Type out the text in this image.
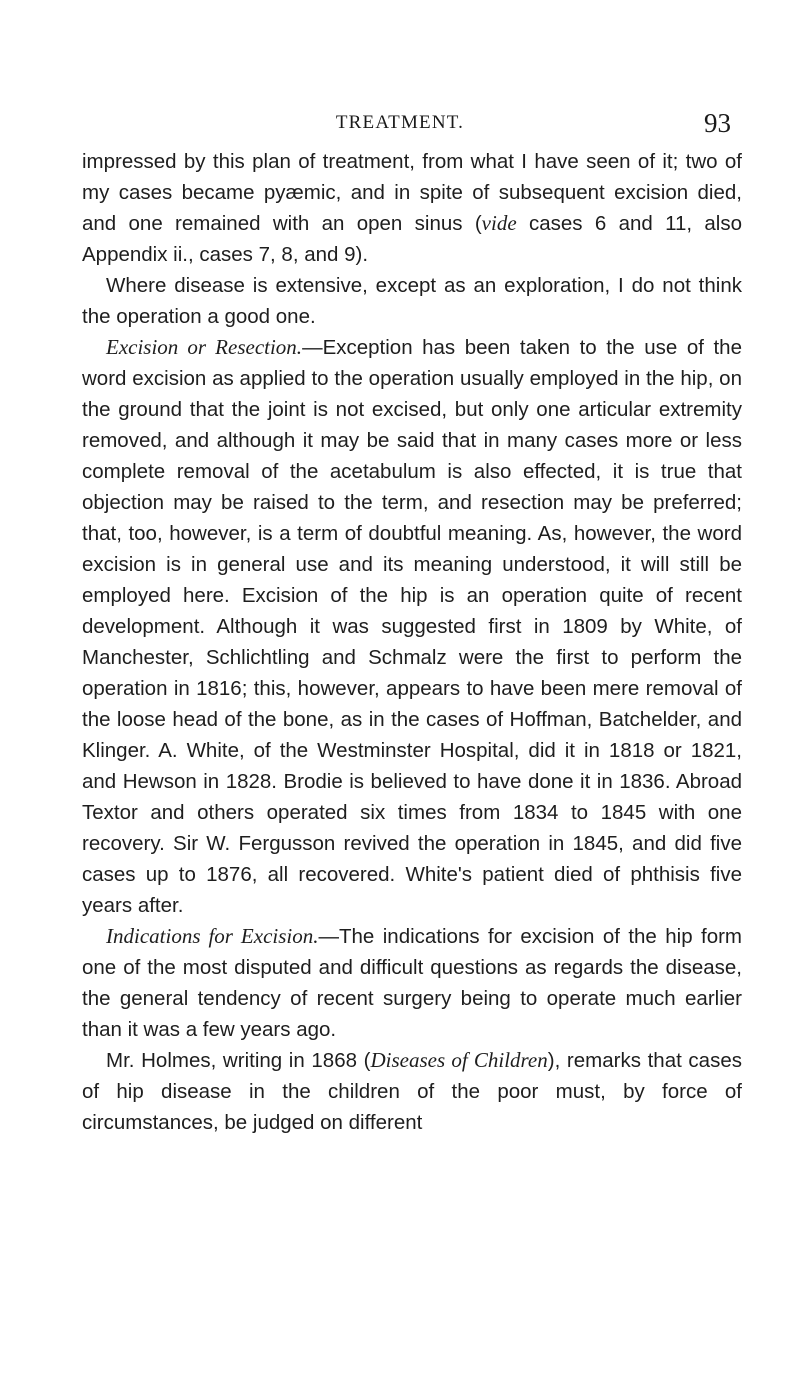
TREATMENT.	93

impressed by this plan of treatment, from what I have seen of it; two of my cases became pyæmic, and in spite of subsequent excision died, and one remained with an open sinus (vide cases 6 and 11, also Appendix ii., cases 7, 8, and 9).

Where disease is extensive, except as an exploration, I do not think the operation a good one.

Excision or Resection.—Exception has been taken to the use of the word excision as applied to the operation usually employed in the hip, on the ground that the joint is not excised, but only one articular extremity removed, and although it may be said that in many cases more or less complete removal of the acetabulum is also effected, it is true that objection may be raised to the term, and resection may be preferred; that, too, however, is a term of doubtful meaning. As, however, the word excision is in general use and its meaning understood, it will still be employed here. Excision of the hip is an operation quite of recent development. Although it was suggested first in 1809 by White, of Manchester, Schlichtling and Schmalz were the first to perform the operation in 1816; this, however, appears to have been mere removal of the loose head of the bone, as in the cases of Hoffman, Batchelder, and Klinger. A. White, of the Westminster Hospital, did it in 1818 or 1821, and Hewson in 1828. Brodie is believed to have done it in 1836. Abroad Textor and others operated six times from 1834 to 1845 with one recovery. Sir W. Fergusson revived the operation in 1845, and did five cases up to 1876, all recovered. White's patient died of phthisis five years after.

Indications for Excision.—The indications for excision of the hip form one of the most disputed and difficult questions as regards the disease, the general tendency of recent surgery being to operate much earlier than it was a few years ago.

Mr. Holmes, writing in 1868 (Diseases of Children), remarks that cases of hip disease in the children of the poor must, by force of circumstances, be judged on different
